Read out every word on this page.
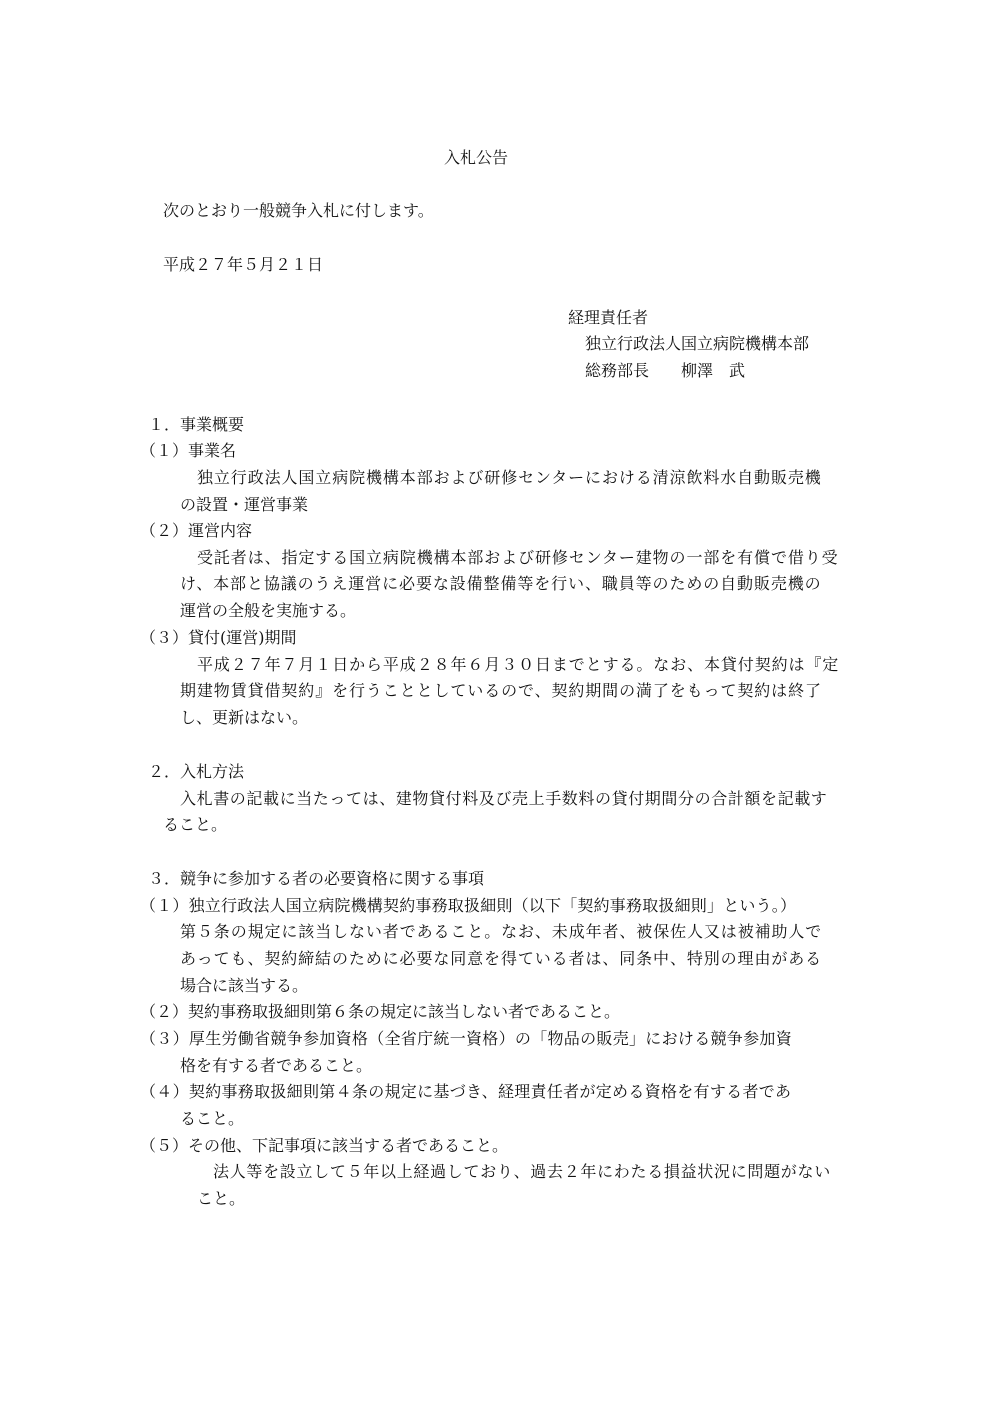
入札公告
次のとおり一般競争入札に付します。
平成２７年５月２１日
経理責任者
独立行政法人国立病院機構本部
総務部長　　柳澤　武
１．事業概要
（１）事業名
独立行政法人国立病院機構本部および研修センターにおける清涼飲料水自動販売機
の設置・運営事業
（２）運営内容
受託者は、指定する国立病院機構本部および研修センター建物の一部を有償で借り受
け、本部と協議のうえ運営に必要な設備整備等を行い、職員等のための自動販売機の
運営の全般を実施する。
（３）貸付(運営)期間
平成２７年７月１日から平成２８年６月３０日までとする。なお、本貸付契約は『定
期建物賃貸借契約』を行うこととしているので、契約期間の満了をもって契約は終了
し、更新はない。
２．入札方法
入札書の記載に当たっては、建物貸付料及び売上手数料の貸付期間分の合計額を記載す
ること。
３．競争に参加する者の必要資格に関する事項
（１）独立行政法人国立病院機構契約事務取扱細則（以下「契約事務取扱細則」という。）
第５条の規定に該当しない者であること。なお、未成年者、被保佐人又は被補助人で
あっても、契約締結のために必要な同意を得ている者は、同条中、特別の理由がある
場合に該当する。
（２）契約事務取扱細則第６条の規定に該当しない者であること。
（３）厚生労働省競争参加資格（全省庁統一資格）の「物品の販売」における競争参加資
格を有する者であること。
（４）契約事務取扱細則第４条の規定に基づき、経理責任者が定める資格を有する者であ
ること。
（５）その他、下記事項に該当する者であること。
法人等を設立して５年以上経過しており、過去２年にわたる損益状況に問題がない
こと。
